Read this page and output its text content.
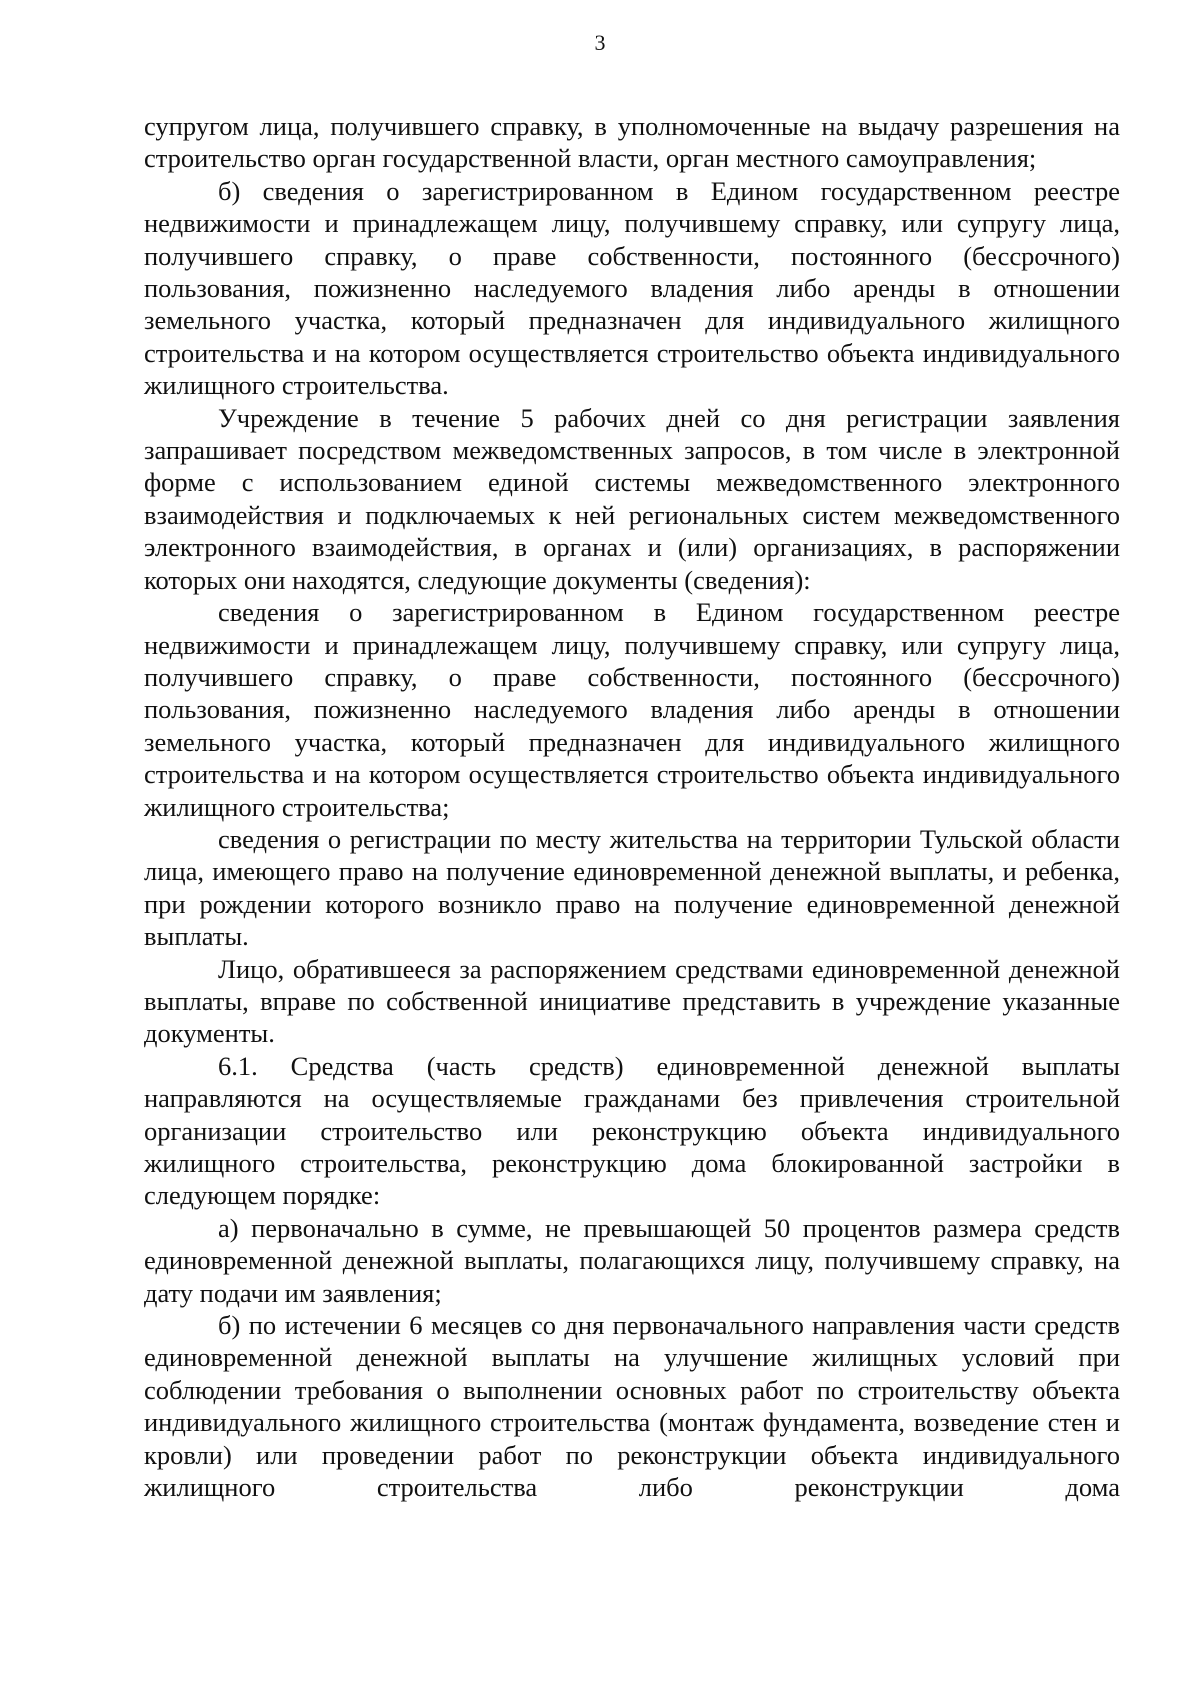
3

супругом лица, получившего справку, в уполномоченные на выдачу разрешения на строительство орган государственной власти, орган местного самоуправления;

б) сведения о зарегистрированном в Едином государственном реестре недвижимости и принадлежащем лицу, получившему справку, или супругу лица, получившего справку, о праве собственности, постоянного (бессрочного) пользования, пожизненно наследуемого владения либо аренды в отношении земельного участка, который предназначен для индивидуального жилищного строительства и на котором осуществляется строительство объекта индивидуального жилищного строительства.

Учреждение в течение 5 рабочих дней со дня регистрации заявления запрашивает посредством межведомственных запросов, в том числе в электронной форме с использованием единой системы межведомственного электронного взаимодействия и подключаемых к ней региональных систем межведомственного электронного взаимодействия, в органах и (или) организациях, в распоряжении которых они находятся, следующие документы (сведения):

сведения о зарегистрированном в Едином государственном реестре недвижимости и принадлежащем лицу, получившему справку, или супругу лица, получившего справку, о праве собственности, постоянного (бессрочного) пользования, пожизненно наследуемого владения либо аренды в отношении земельного участка, который предназначен для индивидуального жилищного строительства и на котором осуществляется строительство объекта индивидуального жилищного строительства;

сведения о регистрации по месту жительства на территории Тульской области лица, имеющего право на получение единовременной денежной выплаты, и ребенка, при рождении которого возникло право на получение единовременной денежной выплаты.

Лицо, обратившееся за распоряжением средствами единовременной денежной выплаты, вправе по собственной инициативе представить в учреждение указанные документы.

6.1. Средства (часть средств) единовременной денежной выплаты направляются на осуществляемые гражданами без привлечения строительной организации строительство или реконструкцию объекта индивидуального жилищного строительства, реконструкцию дома блокированной застройки в следующем порядке:

а) первоначально в сумме, не превышающей 50 процентов размера средств единовременной денежной выплаты, полагающихся лицу, получившему справку, на дату подачи им заявления;

б) по истечении 6 месяцев со дня первоначального направления части средств единовременной денежной выплаты на улучшение жилищных условий при соблюдении требования о выполнении основных работ по строительству объекта индивидуального жилищного строительства (монтаж фундамента, возведение стен и кровли) или проведении работ по реконструкции объекта индивидуального жилищного строительства либо реконструкции дома
